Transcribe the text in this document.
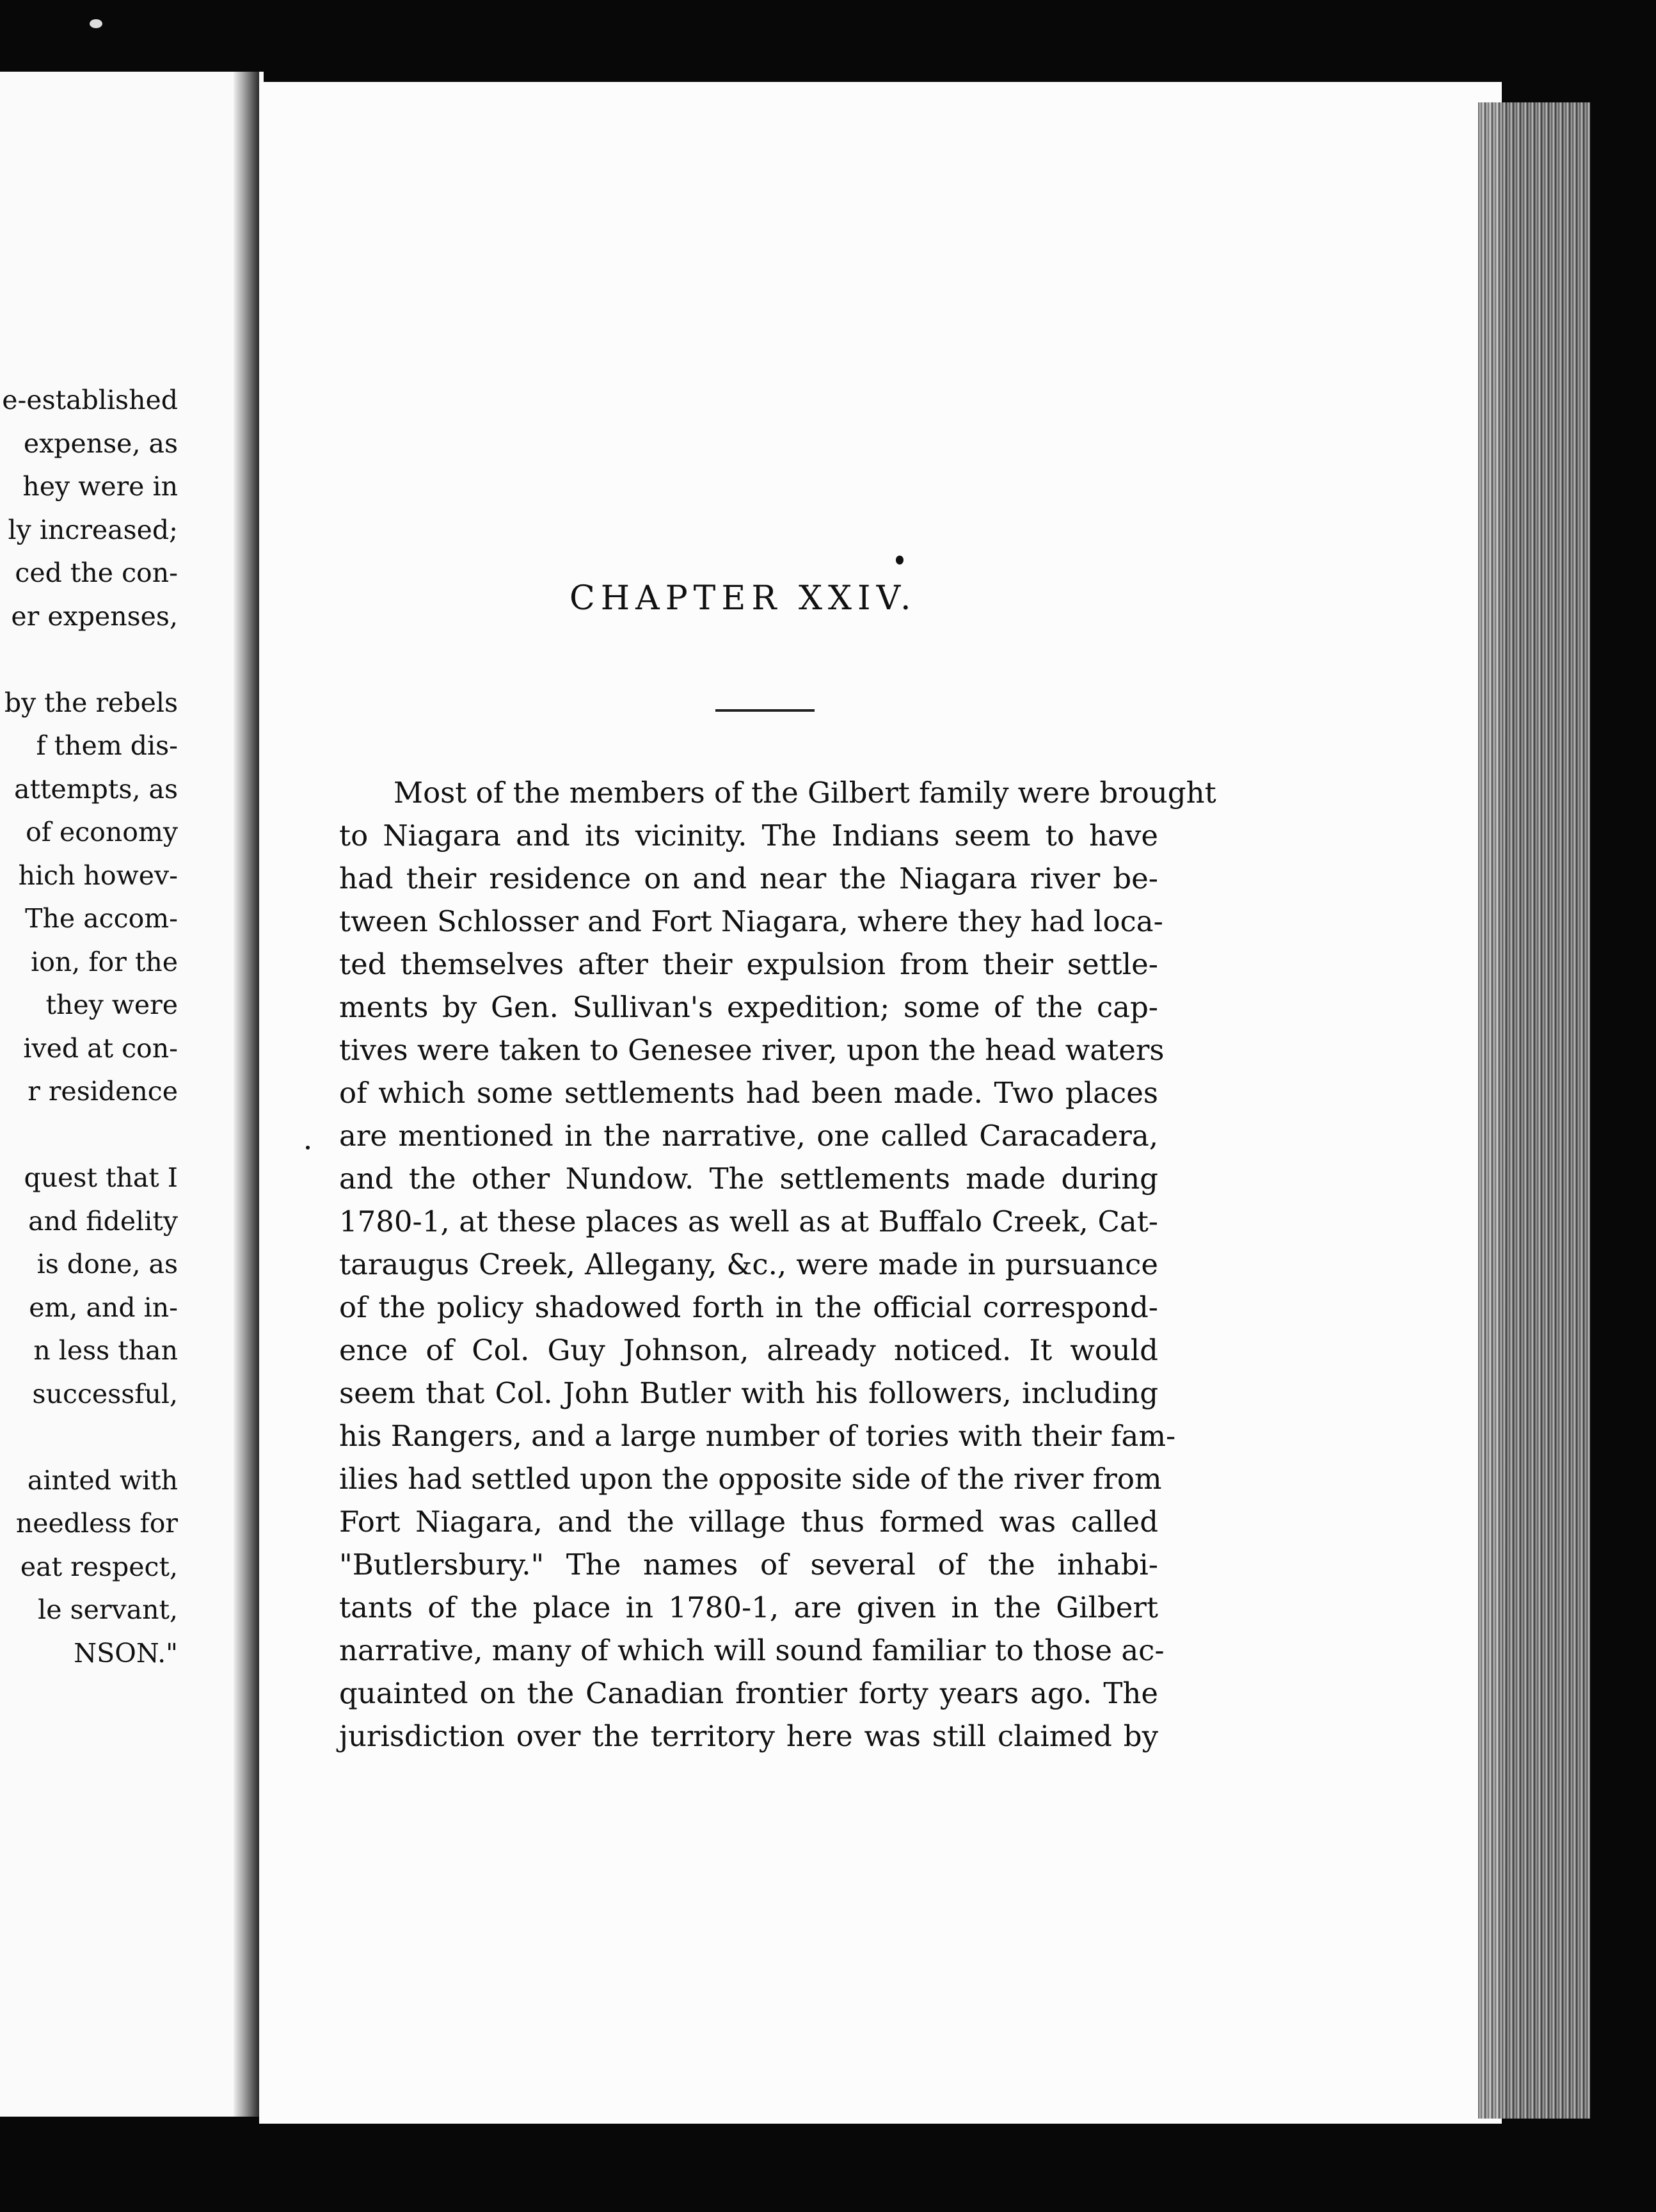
e-established
expense, as
hey were in
ly increased;
ced the con-
er expenses,
by the rebels
f them dis-
attempts, as
of economy
hich howev-
The accom-
ion, for the
they were
ived at con-
r residence
quest that I
and fidelity
is done, as
em, and in-
n less than
successful,
ainted with
needless for
eat respect,
le servant,
NSON."
CHAPTER XXIV.
Most of the members of the Gilbert family were brought
to Niagara and its vicinity. The Indians seem to have
had their residence on and near the Niagara river be-
tween Schlosser and Fort Niagara, where they had loca-
ted themselves after their expulsion from their settle-
ments by Gen. Sullivan's expedition; some of the cap-
tives were taken to Genesee river, upon the head waters
of which some settlements had been made. Two places
are mentioned in the narrative, one called Caracadera,
and the other Nundow. The settlements made during
1780-1, at these places as well as at Buffalo Creek, Cat-
taraugus Creek, Allegany, &c., were made in pursuance
of the policy shadowed forth in the official correspond-
ence of Col. Guy Johnson, already noticed. It would
seem that Col. John Butler with his followers, including
his Rangers, and a large number of tories with their fam-
ilies had settled upon the opposite side of the river from
Fort Niagara, and the village thus formed was called
"Butlersbury." The names of several of the inhabi-
tants of the place in 1780-1, are given in the Gilbert
narrative, many of which will sound familiar to those ac-
quainted on the Canadian frontier forty years ago. The
jurisdiction over the territory here was still claimed by
